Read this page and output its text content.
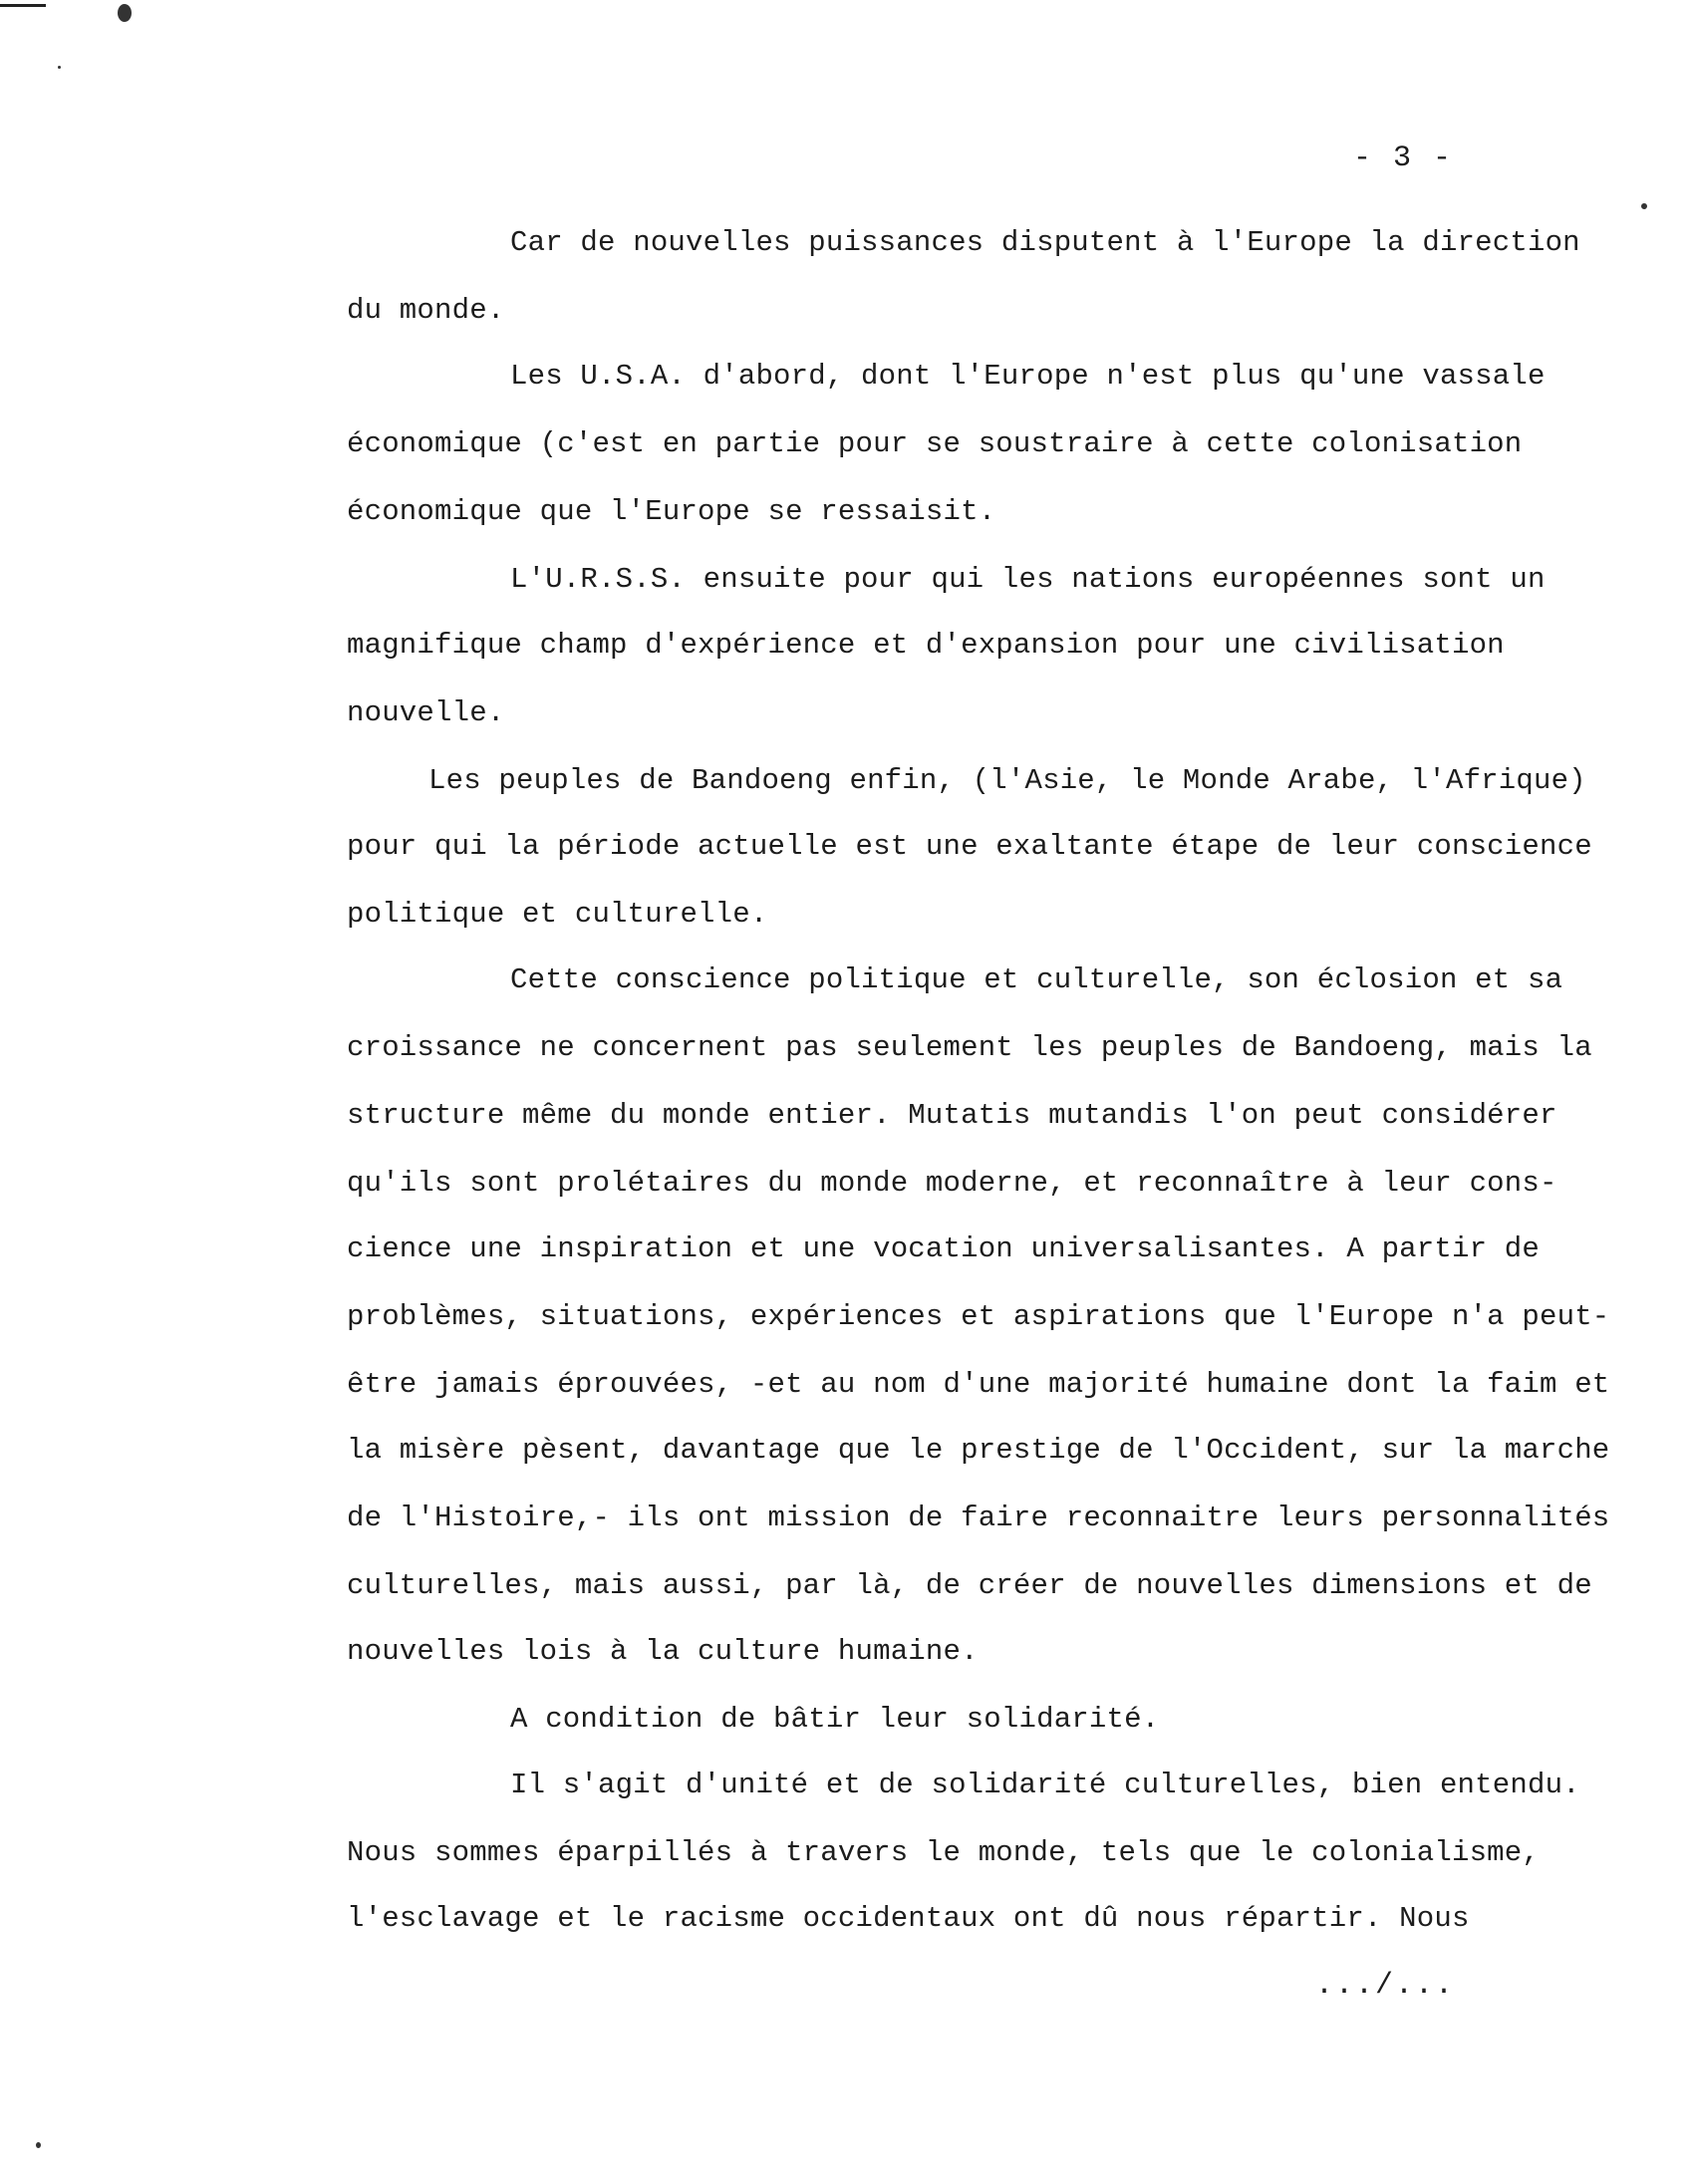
- 3 -
Car de nouvelles puissances disputent à l'Europe la direction
du monde.
Les U.S.A. d'abord, dont l'Europe n'est plus qu'une vassale
économique (c'est en partie pour se soustraire à cette colonisation
économique que l'Europe se ressaisit.
L'U.R.S.S. ensuite pour qui les nations européennes sont un
magnifique champ d'expérience et d'expansion pour une civilisation
nouvelle.
Les peuples de Bandoeng enfin, (l'Asie, le Monde Arabe, l'Afrique)
pour qui la période actuelle est une exaltante étape de leur conscience
politique et culturelle.
Cette conscience politique et culturelle, son éclosion et sa
croissance ne concernent pas seulement les peuples de Bandoeng, mais la
structure même du monde entier. Mutatis mutandis l'on peut considérer
qu'ils sont prolétaires du monde moderne, et reconnaître à leur cons-
cience une inspiration et une vocation universalisantes. A partir de
problèmes, situations, expériences et aspirations que l'Europe n'a peut-
être jamais éprouvées, -et au nom d'une majorité humaine dont la faim et
la misère pèsent, davantage que le prestige de l'Occident, sur la marche
de l'Histoire,- ils ont mission de faire reconnaitre leurs personnalités
culturelles, mais aussi, par là, de créer de nouvelles dimensions et de
nouvelles lois à la culture humaine.
A condition de bâtir leur solidarité.
Il s'agit d'unité et de solidarité culturelles, bien entendu.
Nous sommes éparpillés à travers le monde, tels que le colonialisme,
l'esclavage et le racisme occidentaux ont dû nous répartir. Nous
.../...
